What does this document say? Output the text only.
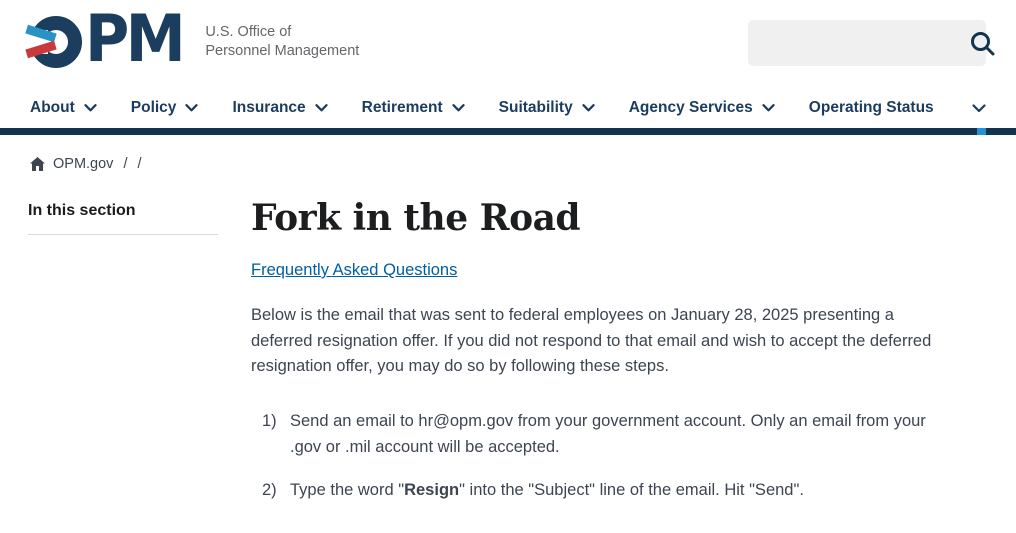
PM U.S. Office of
Personnel Management
About	Policy	Insurance	Retirement	Suitability	Agency Services	Operating Status
OPM.gov / /
In this section	Fork in the Road
Frequently Asked Questions

Below is the email that was sent to federal employees on January 28, 2025 presenting a deferred resignation offer. If you did not respond to that email and wish to accept the deferred resignation offer, you may do so by following these steps.

1) Send an email to hr@opm.gov from your government account. Only an email from your .gov or .mil account will be accepted.
2) Type the word "Resign" into the "Subject" line of the email. Hit "Send".
